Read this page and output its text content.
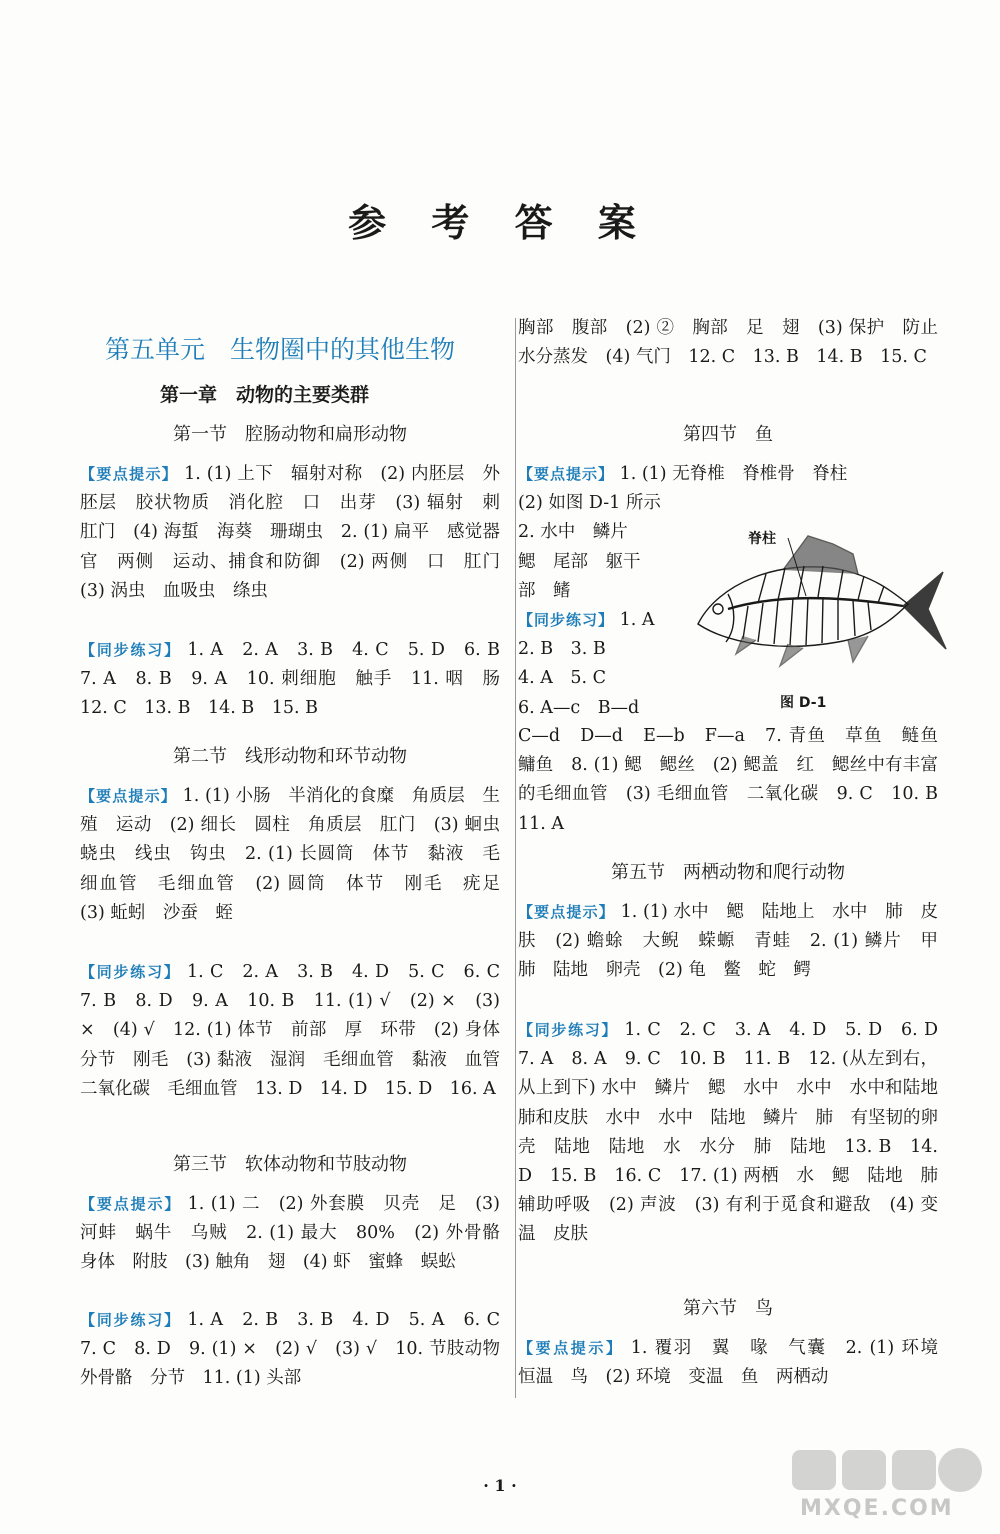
参 考 答 案
第五单元　生物圈中的其他生物
第一章　动物的主要类群
第一节　腔肠动物和扁形动物
【要点提示】 1. (1) 上下　辐射对称　(2) 内胚层　外胚层　胶状物质　消化腔　口　出芽　(3) 辐射　刺　肛门　(4) 海蜇　海葵　珊瑚虫　2. (1) 扁平　感觉器官　两侧　运动、捕食和防御　(2) 两侧　口　肛门　(3) 涡虫　血吸虫　绦虫
【同步练习】 1. A　2. A　3. B　4. C　5. D　6. B　7. A　8. B　9. A　10. 刺细胞　触手　11. 咽　肠　12. C　13. B　14. B　15. B
第二节　线形动物和环节动物
【要点提示】 1. (1) 小肠　半消化的食糜　角质层　生殖　运动　(2) 细长　圆柱　角质层　肛门　(3) 蛔虫　蛲虫　线虫　钩虫　2. (1) 长圆筒　体节　黏液　毛细血管　毛细血管　(2) 圆筒　体节　刚毛　疣足　(3) 蚯蚓　沙蚕　蛭
【同步练习】 1. C　2. A　3. B　4. D　5. C　6. C　7. B　8. D　9. A　10. B　11. (1) √　(2) ×　(3) ×　(4) √　12. (1) 体节　前部　厚　环带　(2) 身体分节　刚毛　(3) 黏液　湿润　毛细血管　黏液　血管　二氧化碳　毛细血管　13. D　14. D　15. D　16. A
第三节　软体动物和节肢动物
【要点提示】 1. (1) 二　(2) 外套膜　贝壳　足　(3) 河蚌　蜗牛　乌贼　2. (1) 最大　80%　(2) 外骨骼　身体　附肢　(3) 触角　翅　(4) 虾　蜜蜂　蜈蚣
【同步练习】 1. A　2. B　3. B　4. D　5. A　6. C　7. C　8. D　9. (1) ×　(2) √　(3) √　10. 节肢动物　外骨骼　分节　11. (1) 头部
胸部　腹部　(2) ②　胸部　足　翅　(3) 保护　防止水分蒸发　(4) 气门　12. C　13. B　14. B　15. C
第四节　鱼
【要点提示】 1. (1) 无脊椎　脊椎骨　脊柱
(2) 如图 D-1 所示
2. 水中　鳞片
鳃　尾部　躯干
部　鳍
【同步练习】 1. A
2. B　3. B
4. A　5. C
6. A—c　B—d
C—d　D—d　E—b　F—a　7. 青鱼　草鱼　鲢鱼　鳙鱼　8. (1) 鳃　鳃丝　(2) 鳃盖　红　鳃丝中有丰富的毛细血管　(3) 毛细血管　二氧化碳　9. C　10. B　11. A
脊柱
图 D-1
第五节　两栖动物和爬行动物
【要点提示】 1. (1) 水中　鳃　陆地上　水中　肺　皮肤　(2) 蟾蜍　大鲵　蝾螈　青蛙　2. (1) 鳞片　甲　肺　陆地　卵壳　(2) 龟　鳖　蛇　鳄
【同步练习】 1. C　2. C　3. A　4. D　5. D　6. D　7. A　8. A　9. C　10. B　11. B　12. (从左到右，从上到下) 水中　鳞片　鳃　水中　水中　水中和陆地　肺和皮肤　水中　水中　陆地　鳞片　肺　有坚韧的卵壳　陆地　陆地　水　水分　肺　陆地　13. B　14. D　15. B　16. C　17. (1) 两栖　水　鳃　陆地　肺　辅助呼吸　(2) 声波　(3) 有利于觅食和避敌　(4) 变温　皮肤
第六节　鸟
【要点提示】 1. 覆羽　翼　喙　气囊　2. (1) 环境　恒温　鸟　(2) 环境　变温　鱼　两栖动
· 1 ·
MXQE.COM
